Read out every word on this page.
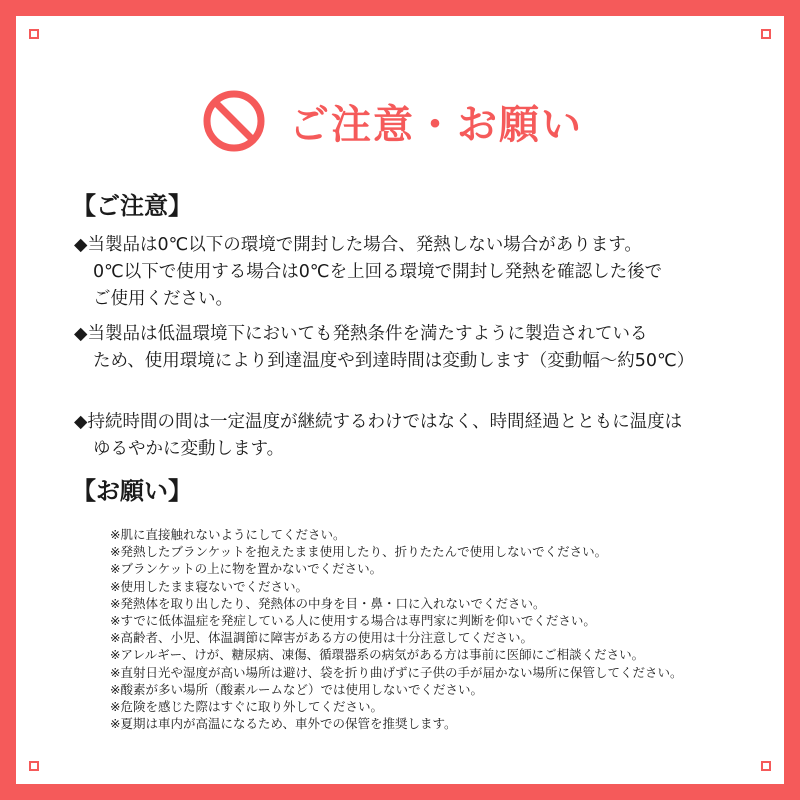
ご注意・お願い
【ご注意】
◆当製品は0℃以下の環境で開封した場合、発熱しない場合があります。
0℃以下で使用する場合は0℃を上回る環境で開封し発熱を確認した後で
ご使用ください。
◆当製品は低温環境下においても発熱条件を満たすように製造されている
ため、使用環境により到達温度や到達時間は変動します（変動幅〜約50℃）
◆持続時間の間は一定温度が継続するわけではなく、時間経過とともに温度は
ゆるやかに変動します。
【お願い】
※肌に直接触れないようにしてください。
※発熱したブランケットを抱えたまま使用したり、折りたたんで使用しないでください。
※ブランケットの上に物を置かないでください。
※使用したまま寝ないでください。
※発熱体を取り出したり、発熱体の中身を目・鼻・口に入れないでください。
※すでに低体温症を発症している人に使用する場合は専門家に判断を仰いでください。
※高齢者、小児、体温調節に障害がある方の使用は十分注意してください。
※アレルギー、けが、糖尿病、凍傷、循環器系の病気がある方は事前に医師にご相談ください。
※直射日光や湿度が高い場所は避け、袋を折り曲げずに子供の手が届かない場所に保管してください。
※酸素が多い場所（酸素ルームなど）では使用しないでください。
※危険を感じた際はすぐに取り外してください。
※夏期は車内が高温になるため、車外での保管を推奨します。
